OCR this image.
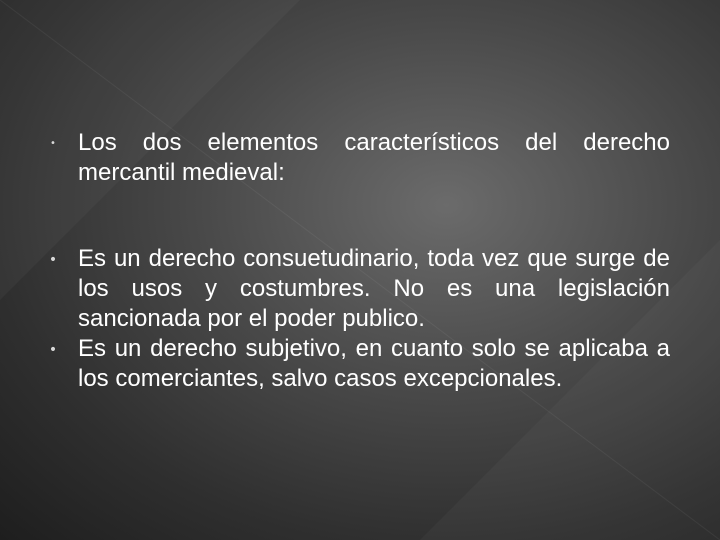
• Los dos elementos característicos del derecho mercantil medieval:
• Es un derecho consuetudinario, toda vez que surge de los usos y costumbres. No es una legislación sancionada por el poder publico.
• Es un derecho subjetivo, en cuanto solo se aplicaba a los comerciantes, salvo casos excepcionales.
